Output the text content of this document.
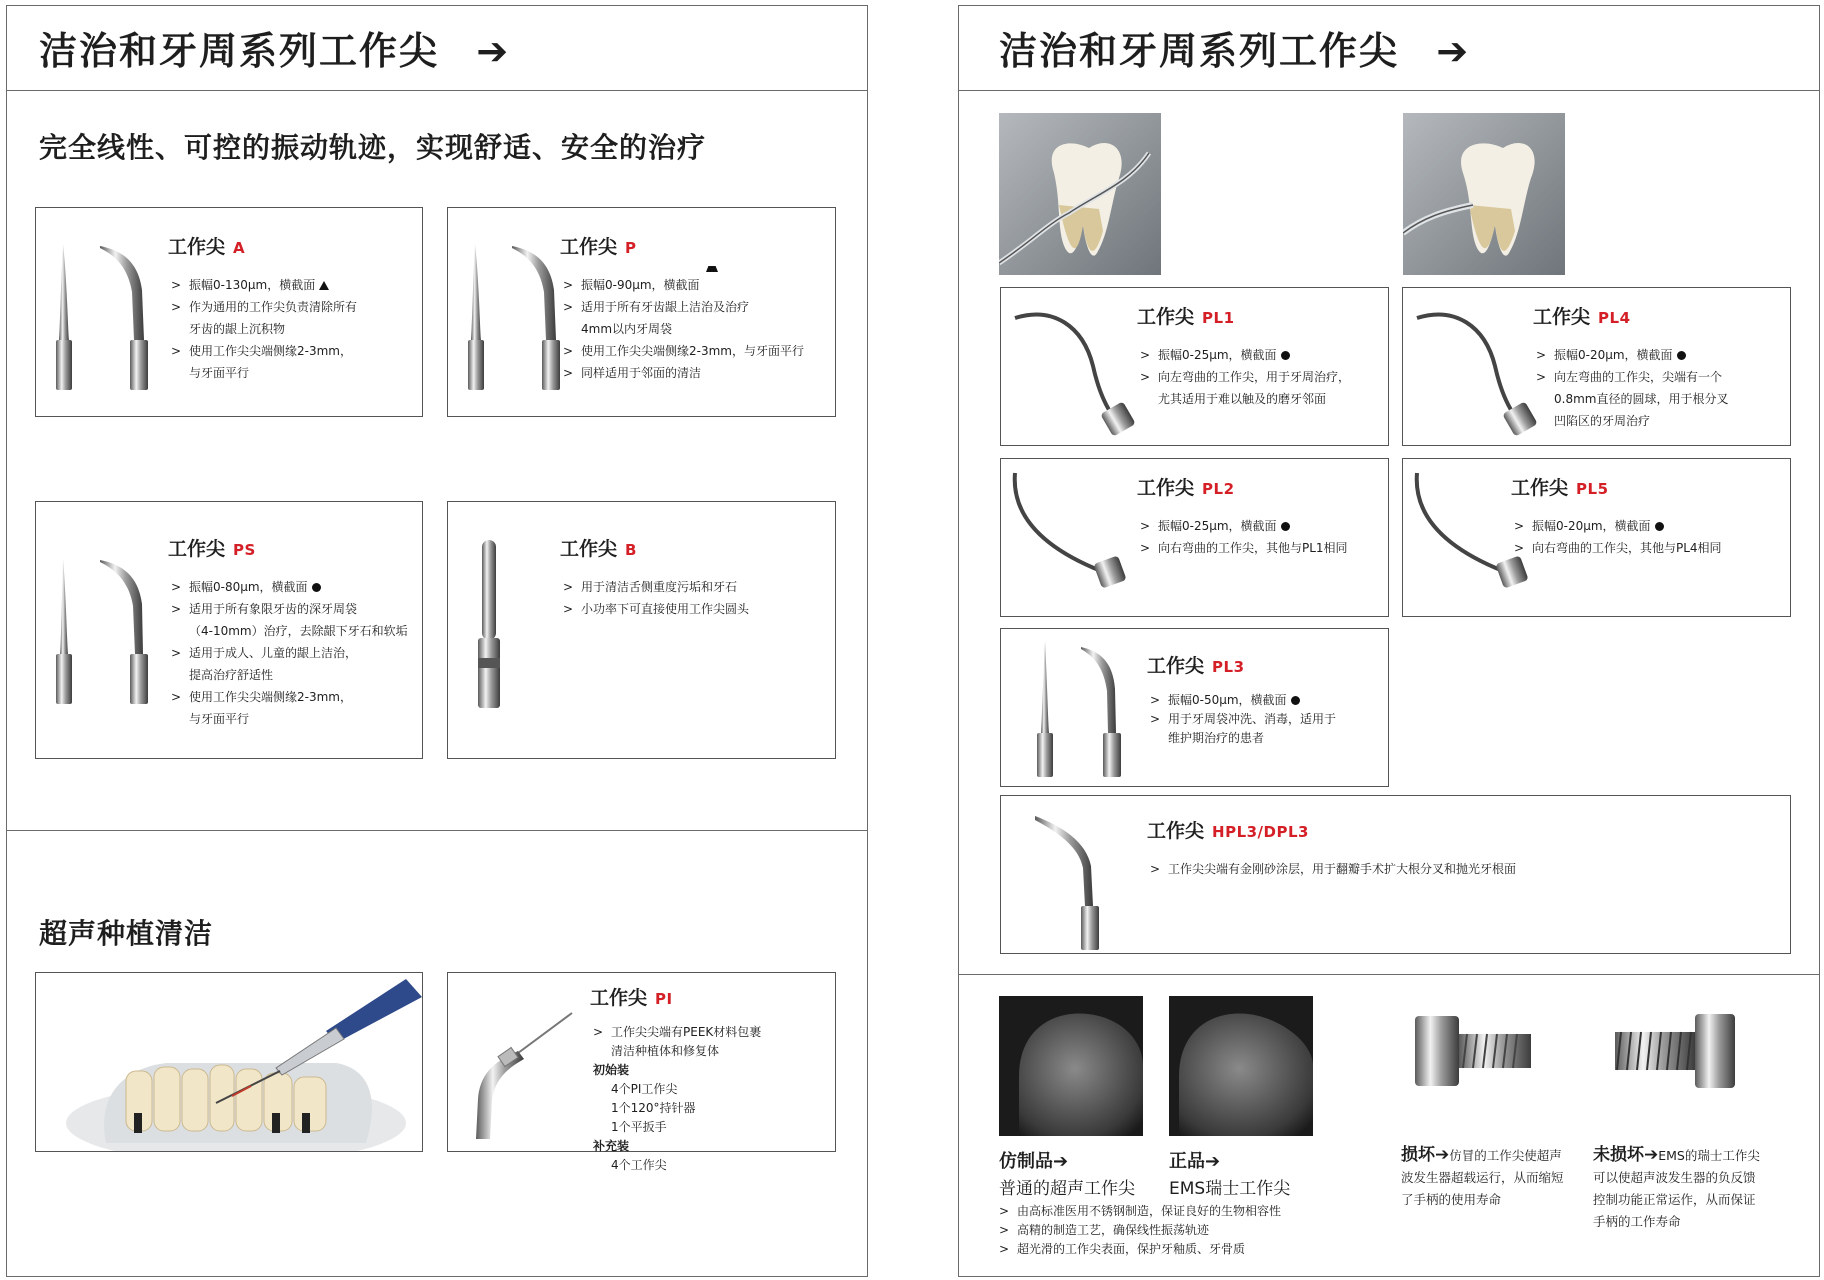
洁治和牙周系列工作尖 ➔
完全线性、可控的振动轨迹，实现舒适、安全的治疗
工作尖 A
> 振幅0-130μm，横截面
> 作为通用的工作尖负责清除所有
牙齿的龈上沉积物
> 使用工作尖尖端侧缘2-3mm，
与牙面平行
工作尖 P
> 振幅0-90μm，横截面
> 适用于所有牙齿龈上洁治及治疗
4mm以内牙周袋
> 使用工作尖尖端侧缘2-3mm，与牙面平行
> 同样适用于邻面的清洁
工作尖 PS
> 振幅0-80μm，横截面
> 适用于所有象限牙齿的深牙周袋
（4-10mm）治疗，去除龈下牙石和软垢
> 适用于成人、儿童的龈上洁治，
提高治疗舒适性
> 使用工作尖尖端侧缘2-3mm，
与牙面平行
工作尖 B
> 用于清洁舌侧重度污垢和牙石
> 小功率下可直接使用工作尖圆头
超声种植清洁
工作尖 PI
> 工作尖尖端有PEEK材料包裹
清洁种植体和修复体
初始装
4个PI工作尖
1个120°持针器
1个平扳手
补充装
4个工作尖
洁治和牙周系列工作尖 ➔
工作尖 PL1
> 振幅0-25μm，横截面
> 向左弯曲的工作尖，用于牙周治疗，
尤其适用于难以触及的磨牙邻面
工作尖 PL4
> 振幅0-20μm，横截面
> 向左弯曲的工作尖，尖端有一个
0.8mm直径的圆球，用于根分叉
凹陷区的牙周治疗
工作尖 PL2
> 振幅0-25μm，横截面
> 向右弯曲的工作尖，其他与PL1相同
工作尖 PL5
> 振幅0-20μm，横截面
> 向右弯曲的工作尖，其他与PL4相同
工作尖 PL3
> 振幅0-50μm，横截面
> 用于牙周袋冲洗、消毒，适用于
维护期治疗的患者
工作尖 HPL3/DPL3
> 工作尖尖端有金刚砂涂层，用于翻瓣手术扩大根分叉和抛光牙根面
仿制品➔
普通的超声工作尖
正品➔
EMS瑞士工作尖
> 由高标准医用不锈钢制造，保证良好的生物相容性
> 高精的制造工艺，确保线性振荡轨迹
> 超光滑的工作尖表面，保护牙釉质、牙骨质
损坏➔仿冒的工作尖使超声
波发生器超载运行，从而缩短
了手柄的使用寿命
未损坏➔EMS的瑞士工作尖
可以使超声波发生器的负反馈
控制功能正常运作，从而保证
手柄的工作寿命
